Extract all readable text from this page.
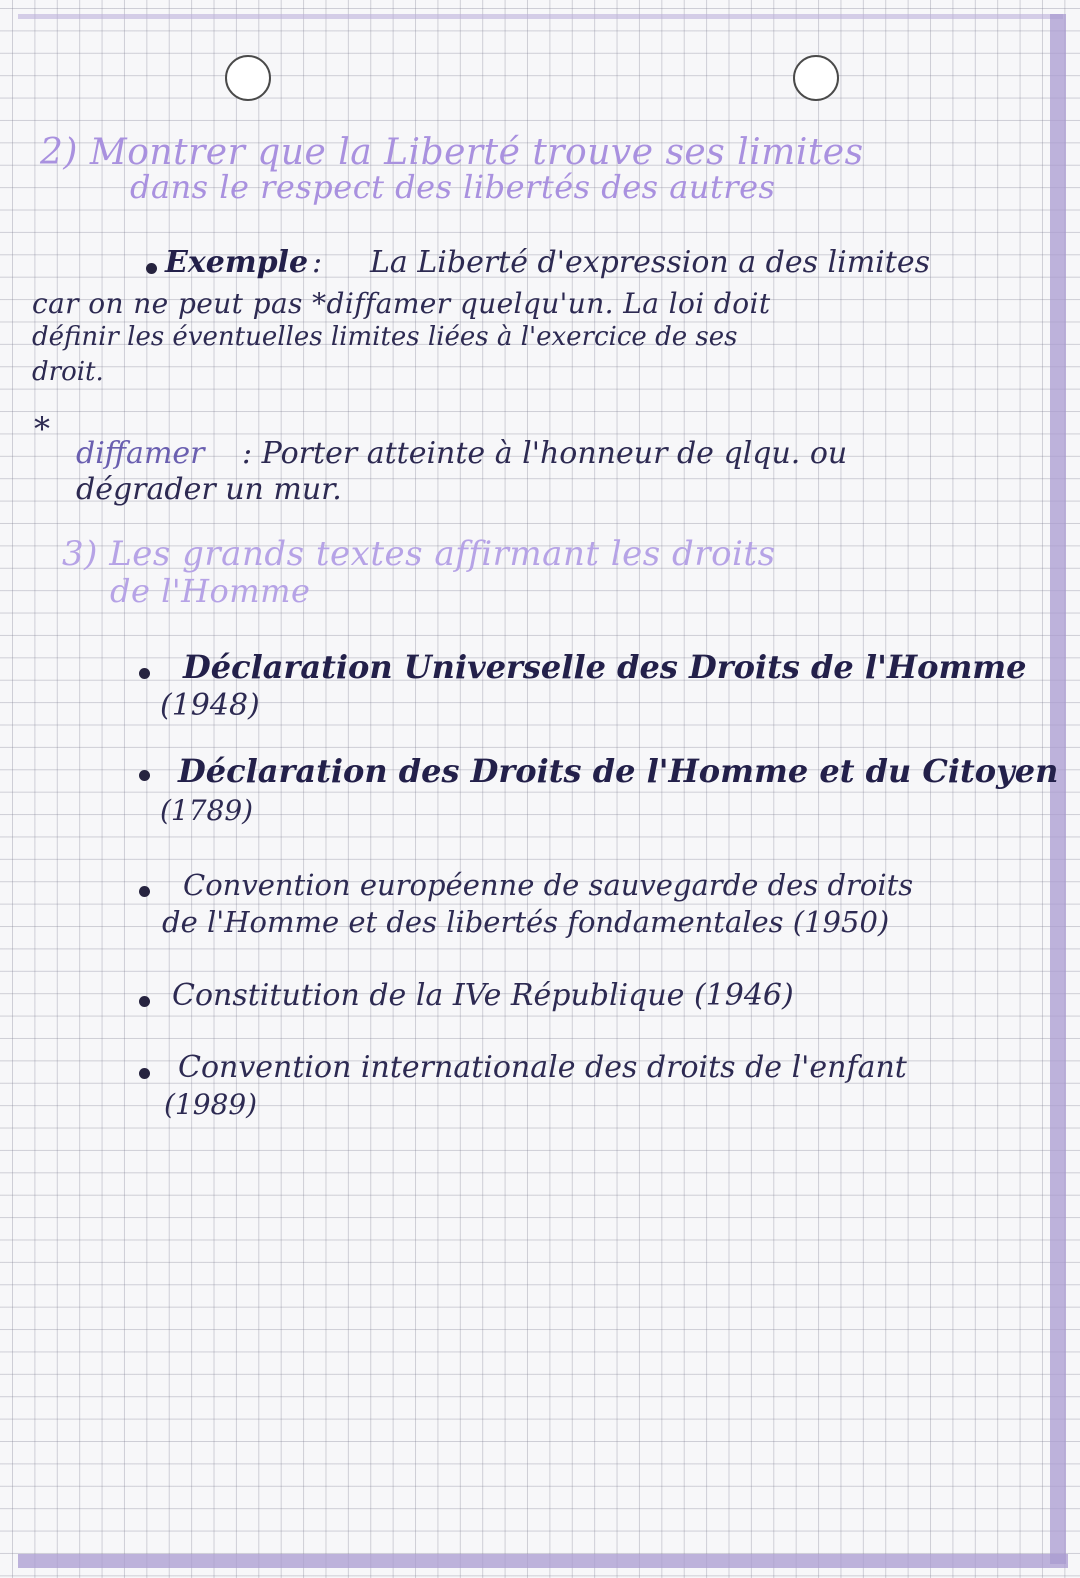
2) Montrer que la Liberté trouve ses limites
dans le respect des libertés des autres
Exemple : La Liberté d'expression a des limites
car on ne peut pas *diffamer quelqu'un. La loi doit
définir les éventuelles limites liées à l'exercice de ses
droit.
*
diffamer : Porter atteinte à l'honneur de qlqu. ou
dégrader un mur.
3) Les grands textes affirmant les droits
de l'Homme
Déclaration Universelle des Droits de l'Homme
(1948)
Déclaration des Droits de l'Homme et du Citoyen
(1789)
Convention européenne de sauvegarde des droits
de l'Homme et des libertés fondamentales (1950)
Constitution de la IVe République (1946)
Convention internationale des droits de l'enfant
(1989)
